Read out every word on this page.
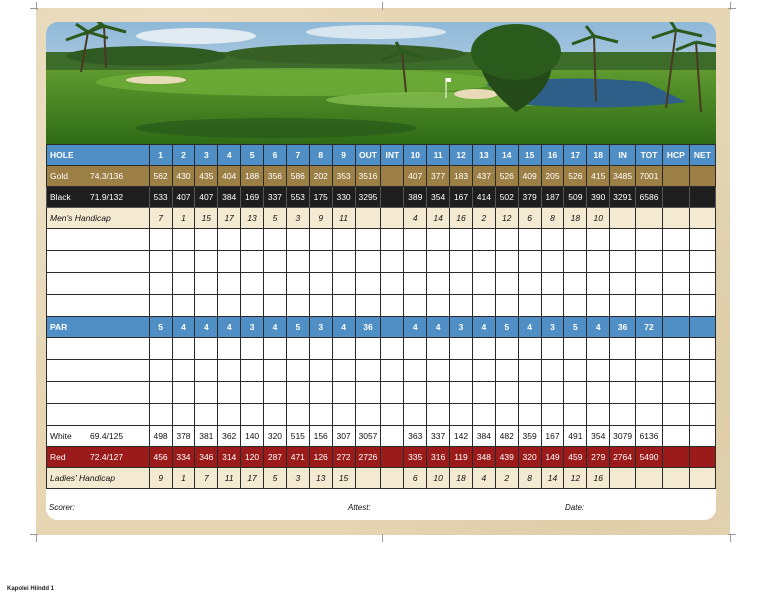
HOLE	1	2	3	4	5	6	7	8	9	OUT	INT	10	11	12	13	14	15	16	17	18	IN	TOT	HCP	NET
Gold 74.3/136	562	430	435	404	188	356	586	202	353	3516		407	377	183	437	526	409	205	526	415	3485	7001		
Black 71.9/132	533	407	407	384	169	337	553	175	330	3295		389	354	167	414	502	379	187	509	390	3291	6586		
Men's Handicap	7	1	15	17	13	5	3	9	11			4	14	16	2	12	6	8	18	10				

PAR	5	4	4	4	3	4	5	3	4	36		4	4	3	4	5	4	3	5	4	36	72		

White 69.4/125	498	378	381	362	140	320	515	156	307	3057		363	337	142	384	482	359	167	491	354	3079	6136		
Red 72.4/127	456	334	346	314	120	287	471	126	272	2726		335	316	119	348	439	320	149	459	279	2764	5490		
Ladies' Handicap	9	1	7	11	17	5	3	13	15			6	10	18	4	2	8	14	12	16				
Scorer:	Attest:	Date:
Kapolei Hiindd 1
